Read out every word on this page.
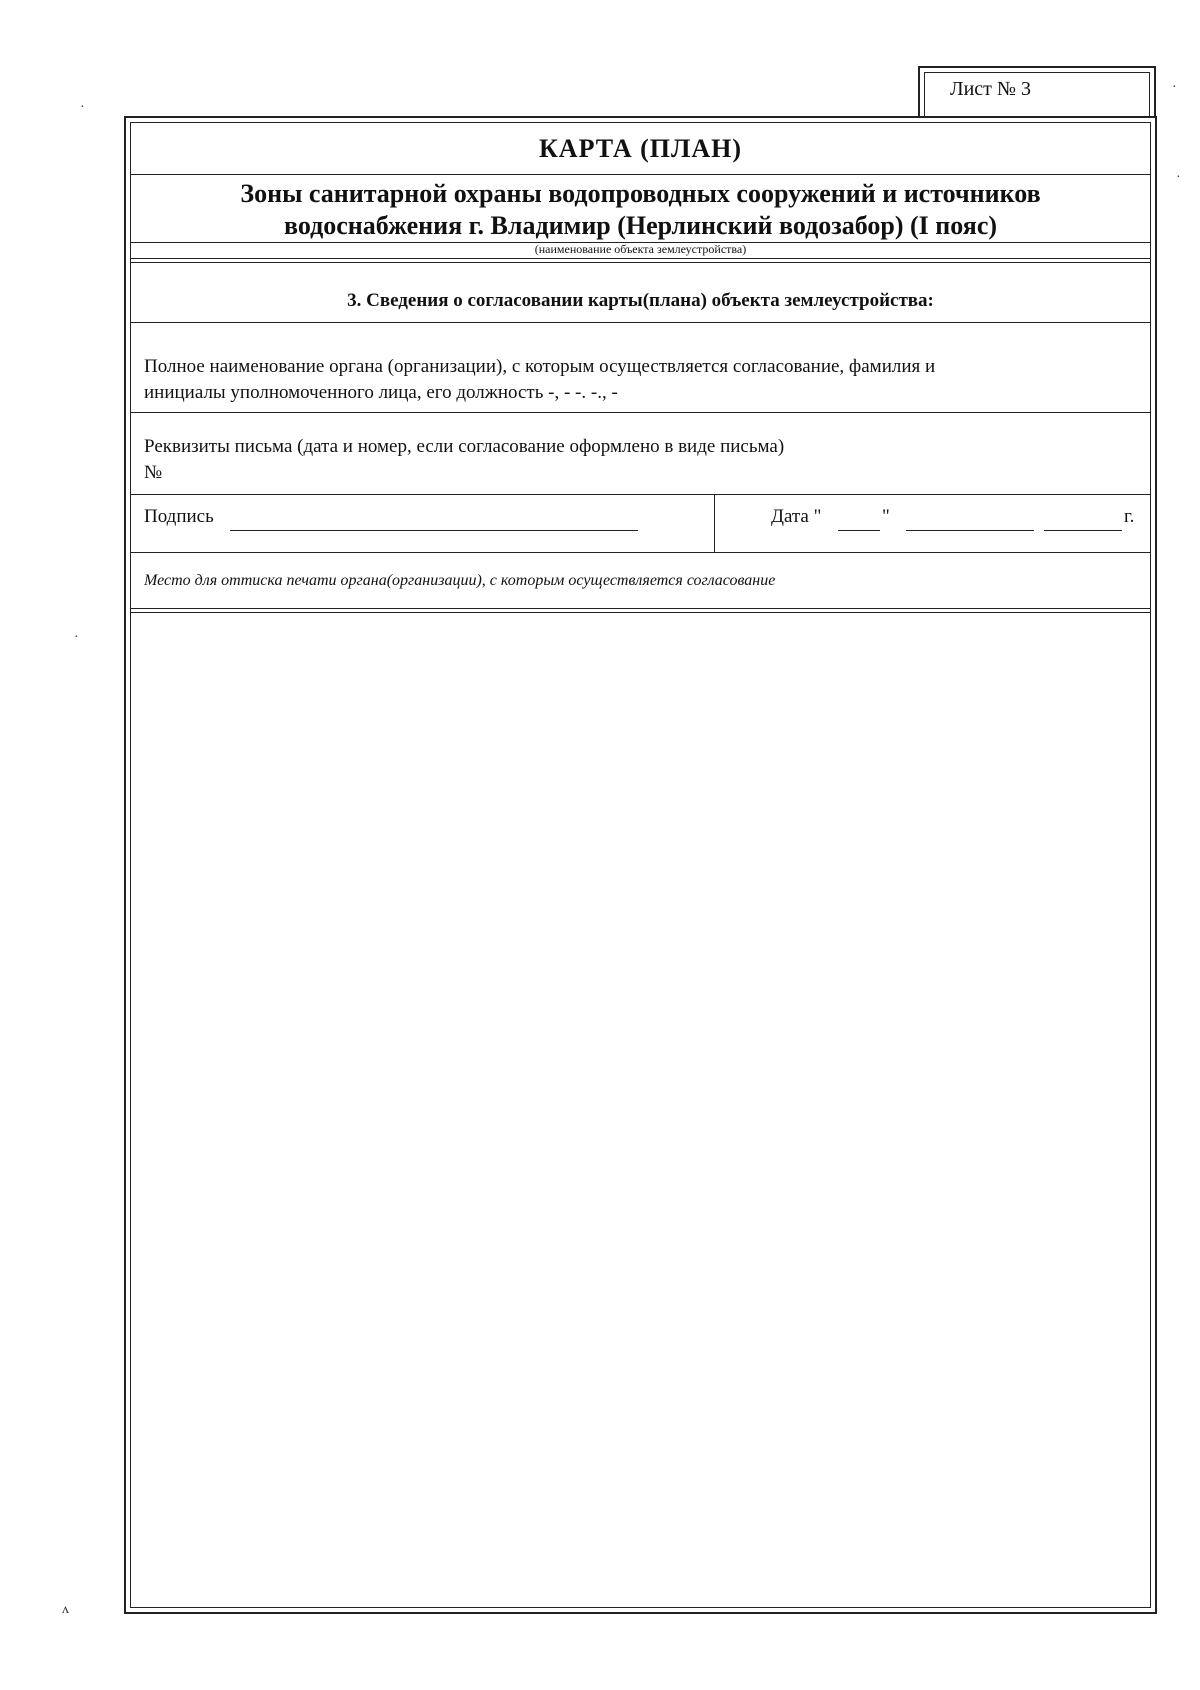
Лист № 3
КАРТА (ПЛАН)
Зоны санитарной охраны водопроводных сооружений и источников
водоснабжения г. Владимир (Нерлинский водозабор) (I пояс)
(наименование объекта землеустройства)
3. Сведения о согласовании карты(плана) объекта землеустройства:
Полное наименование органа (организации), с которым осуществляется согласование, фамилия и
инициалы уполномоченного лица, его должность -, - -. -., -
Реквизиты письма (дата и номер, если согласование оформлено в виде письма)
№
Подпись	Дата "	"	г.
Место для оттиска печати органа(организации), с которым осуществляется согласование
·
·
·
·
ʌ
